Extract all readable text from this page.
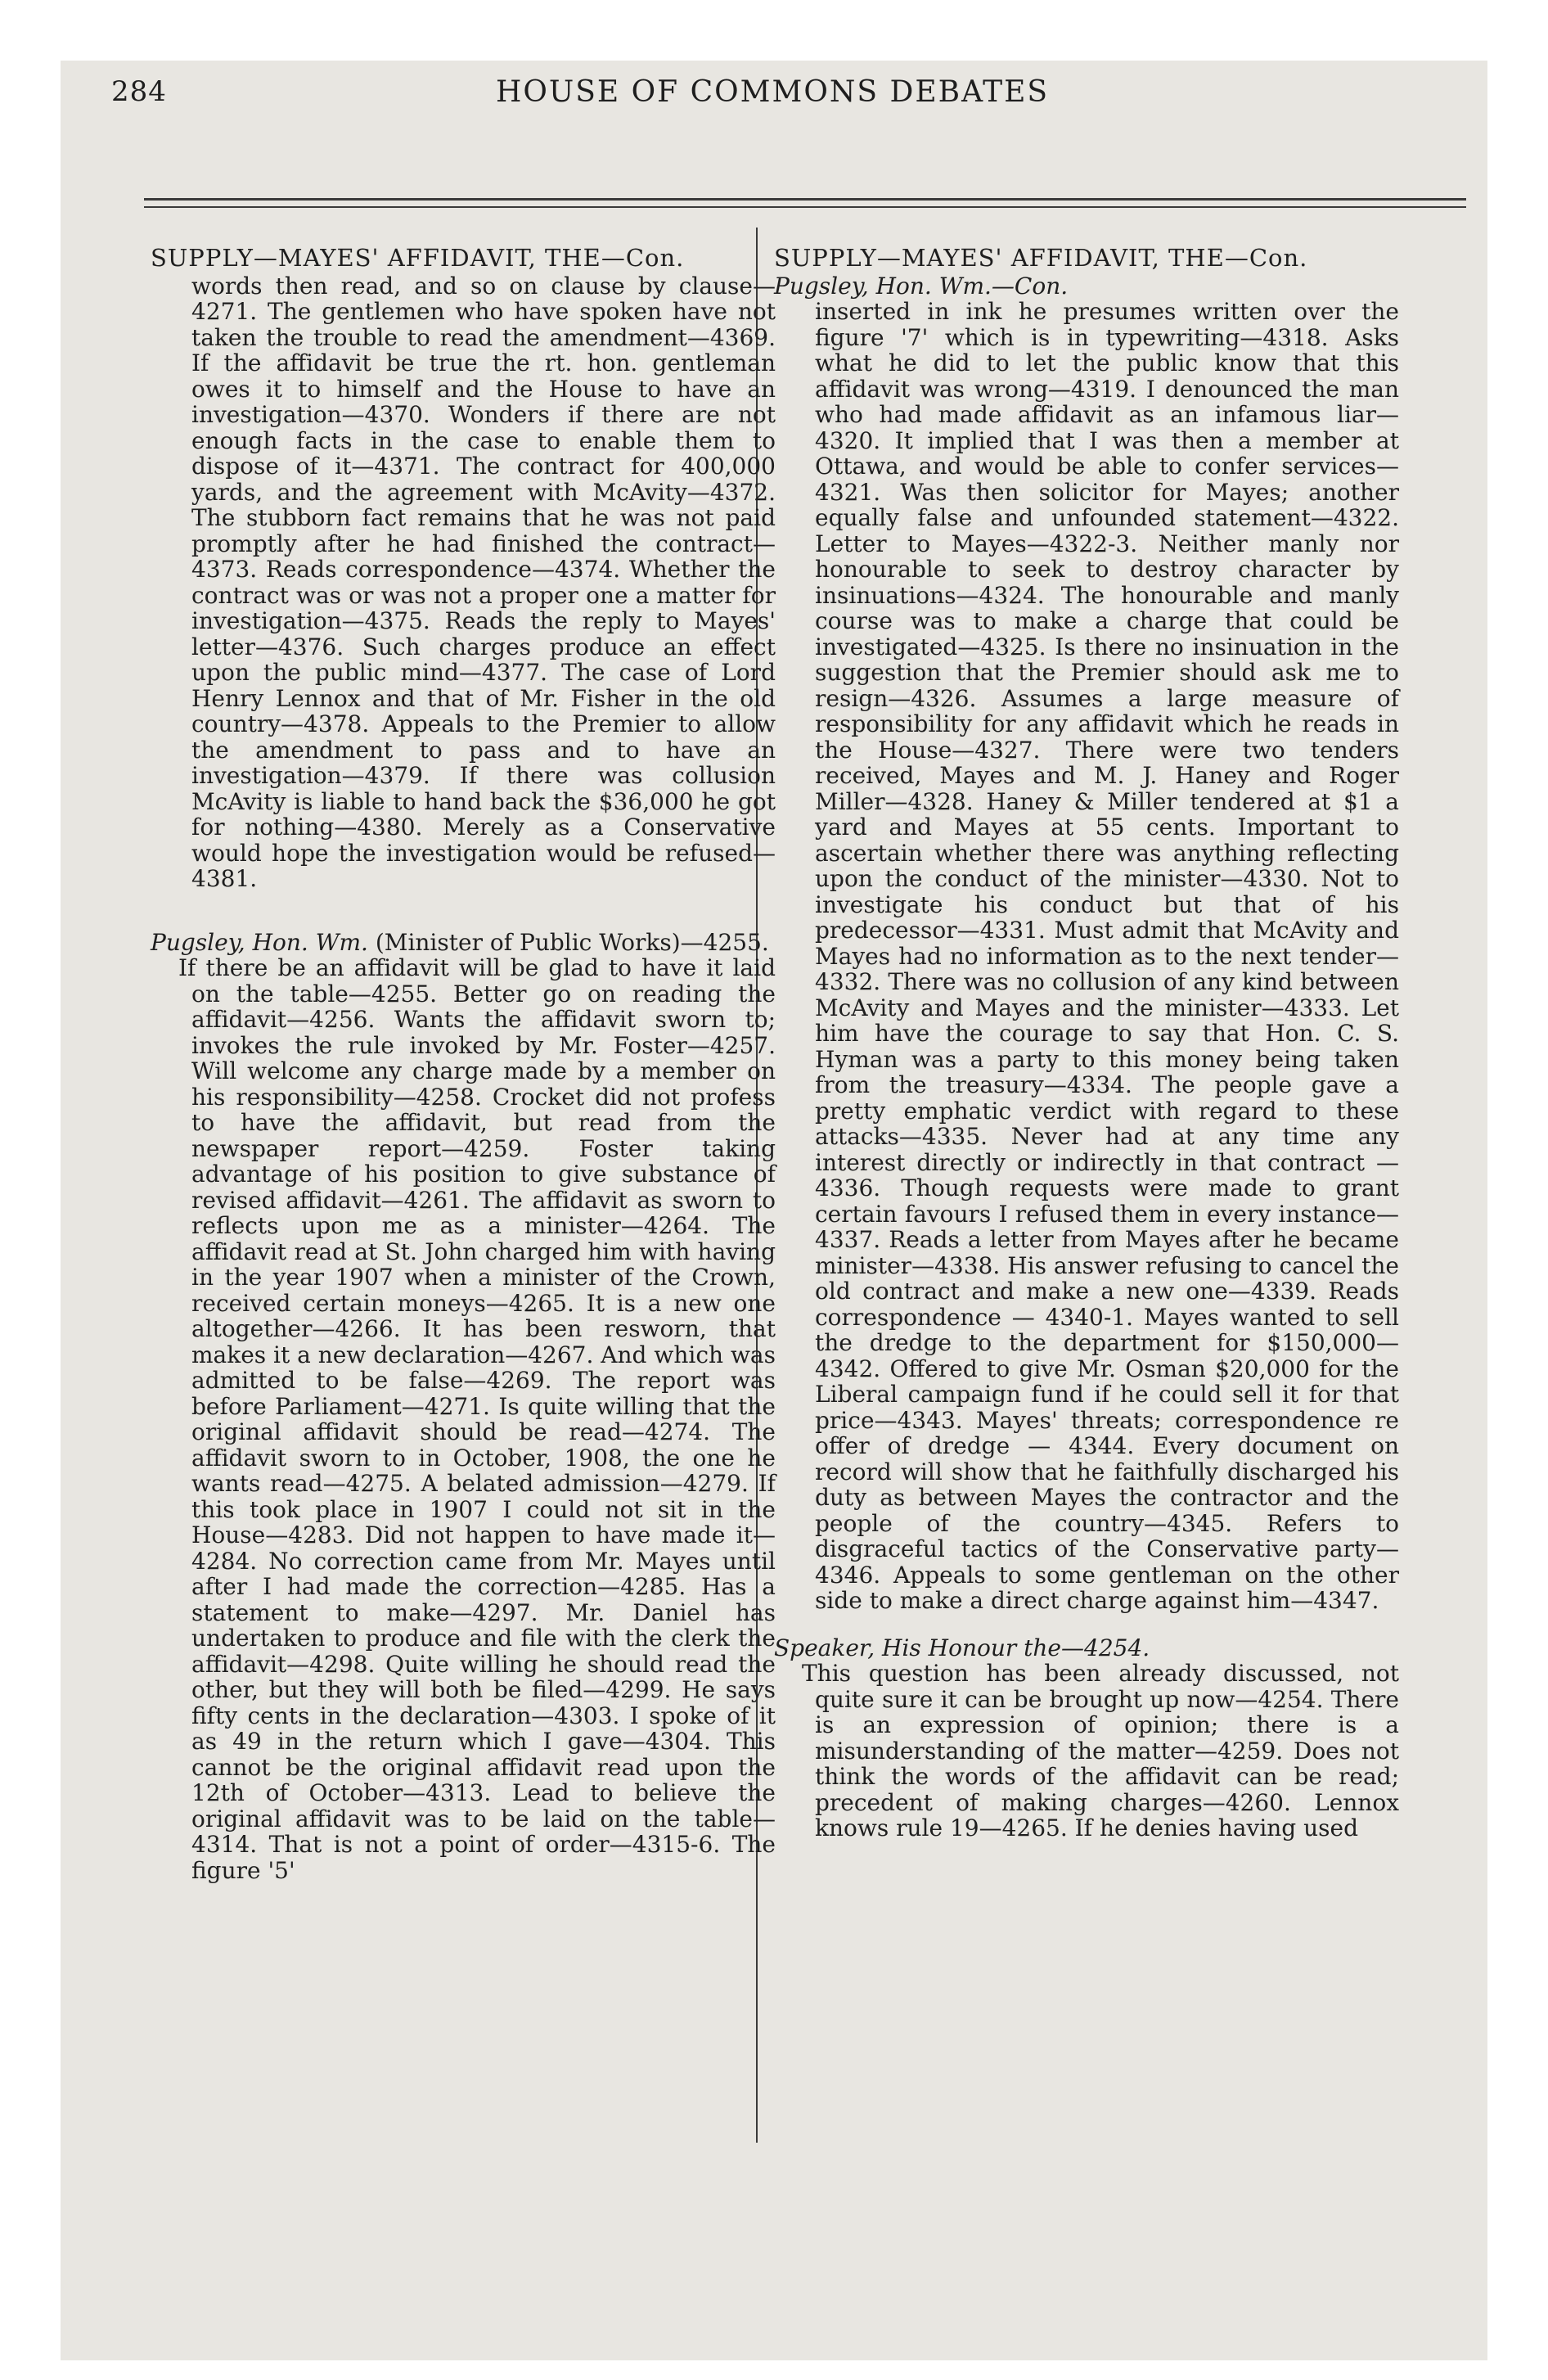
284	HOUSE OF COMMONS DEBATES

SUPPLY—MAYES' AFFIDAVIT, THE—Con.

words then read, and so on clause by clause—4271. The gentlemen who have spoken have not taken the trouble to read the amendment—4369. If the affidavit be true the rt. hon. gentleman owes it to himself and the House to have an investigation—4370. Wonders if there are not enough facts in the case to enable them to dispose of it—4371. The contract for 400,000 yards, and the agreement with McAvity—4372. The stubborn fact remains that he was not paid promptly after he had finished the contract—4373. Reads correspondence—4374. Whether the contract was or was not a proper one a matter for investigation—4375. Reads the reply to Mayes' letter—4376. Such charges produce an effect upon the public mind—4377. The case of Lord Henry Lennox and that of Mr. Fisher in the old country—4378. Appeals to the Premier to allow the amendment to pass and to have an investigation—4379. If there was collusion McAvity is liable to hand back the $36,000 he got for nothing—4380. Merely as a Conservative would hope the investigation would be refused—4381.

Pugsley, Hon. Wm. (Minister of Public Works)—4255.

If there be an affidavit will be glad to have it laid on the table—4255. Better go on reading the affidavit—4256. Wants the affidavit sworn to; invokes the rule invoked by Mr. Foster—4257. Will welcome any charge made by a member on his responsibility—4258. Crocket did not profess to have the affidavit, but read from the newspaper report—4259. Foster taking advantage of his position to give substance of revised affidavit—4261. The affidavit as sworn to reflects upon me as a minister—4264. The affidavit read at St. John charged him with having in the year 1907 when a minister of the Crown, received certain moneys—4265. It is a new one altogether—4266. It has been resworn, that makes it a new declaration—4267. And which was admitted to be false—4269. The report was before Parliament—4271. Is quite willing that the original affidavit should be read—4274. The affidavit sworn to in October, 1908, the one he wants read—4275. A belated admission—4279. If this took place in 1907 I could not sit in the House—4283. Did not happen to have made it—4284. No correction came from Mr. Mayes until after I had made the correction—4285. Has a statement to make—4297. Mr. Daniel has undertaken to produce and file with the clerk the affidavit—4298. Quite willing he should read the other, but they will both be filed—4299. He says fifty cents in the declaration—4303. I spoke of it as 49 in the return which I gave—4304. This cannot be the original affidavit read upon the 12th of October—4313. Lead to believe the original affidavit was to be laid on the table—4314. That is not a point of order—4315-6. The figure '5'

SUPPLY—MAYES' AFFIDAVIT, THE—Con.

Pugsley, Hon. Wm.—Con.

inserted in ink he presumes written over the figure '7' which is in typewriting—4318. Asks what he did to let the public know that this affidavit was wrong—4319. I denounced the man who had made affidavit as an infamous liar—4320. It implied that I was then a member at Ottawa, and would be able to confer services—4321. Was then solicitor for Mayes; another equally false and unfounded statement—4322. Letter to Mayes—4322-3. Neither manly nor honourable to seek to destroy character by insinuations—4324. The honourable and manly course was to make a charge that could be investigated—4325. Is there no insinuation in the suggestion that the Premier should ask me to resign—4326. Assumes a large measure of responsibility for any affidavit which he reads in the House—4327. There were two tenders received, Mayes and M. J. Haney and Roger Miller—4328. Haney & Miller tendered at $1 a yard and Mayes at 55 cents. Important to ascertain whether there was anything reflecting upon the conduct of the minister—4330. Not to investigate his conduct but that of his predecessor—4331. Must admit that McAvity and Mayes had no information as to the next tender—4332. There was no collusion of any kind between McAvity and Mayes and the minister—4333. Let him have the courage to say that Hon. C. S. Hyman was a party to this money being taken from the treasury—4334. The people gave a pretty emphatic verdict with regard to these attacks—4335. Never had at any time any interest directly or indirectly in that contract — 4336. Though requests were made to grant certain favours I refused them in every instance—4337. Reads a letter from Mayes after he became minister—4338. His answer refusing to cancel the old contract and make a new one—4339. Reads correspondence — 4340-1. Mayes wanted to sell the dredge to the department for $150,000—4342. Offered to give Mr. Osman $20,000 for the Liberal campaign fund if he could sell it for that price—4343. Mayes' threats; correspondence re offer of dredge — 4344. Every document on record will show that he faithfully discharged his duty as between Mayes the contractor and the people of the country—4345. Refers to disgraceful tactics of the Conservative party—4346. Appeals to some gentleman on the other side to make a direct charge against him—4347.

Speaker, His Honour the—4254.

This question has been already discussed, not quite sure it can be brought up now—4254. There is an expression of opinion; there is a misunderstanding of the matter—4259. Does not think the words of the affidavit can be read; precedent of making charges—4260. Lennox knows rule 19—4265. If he denies having used
